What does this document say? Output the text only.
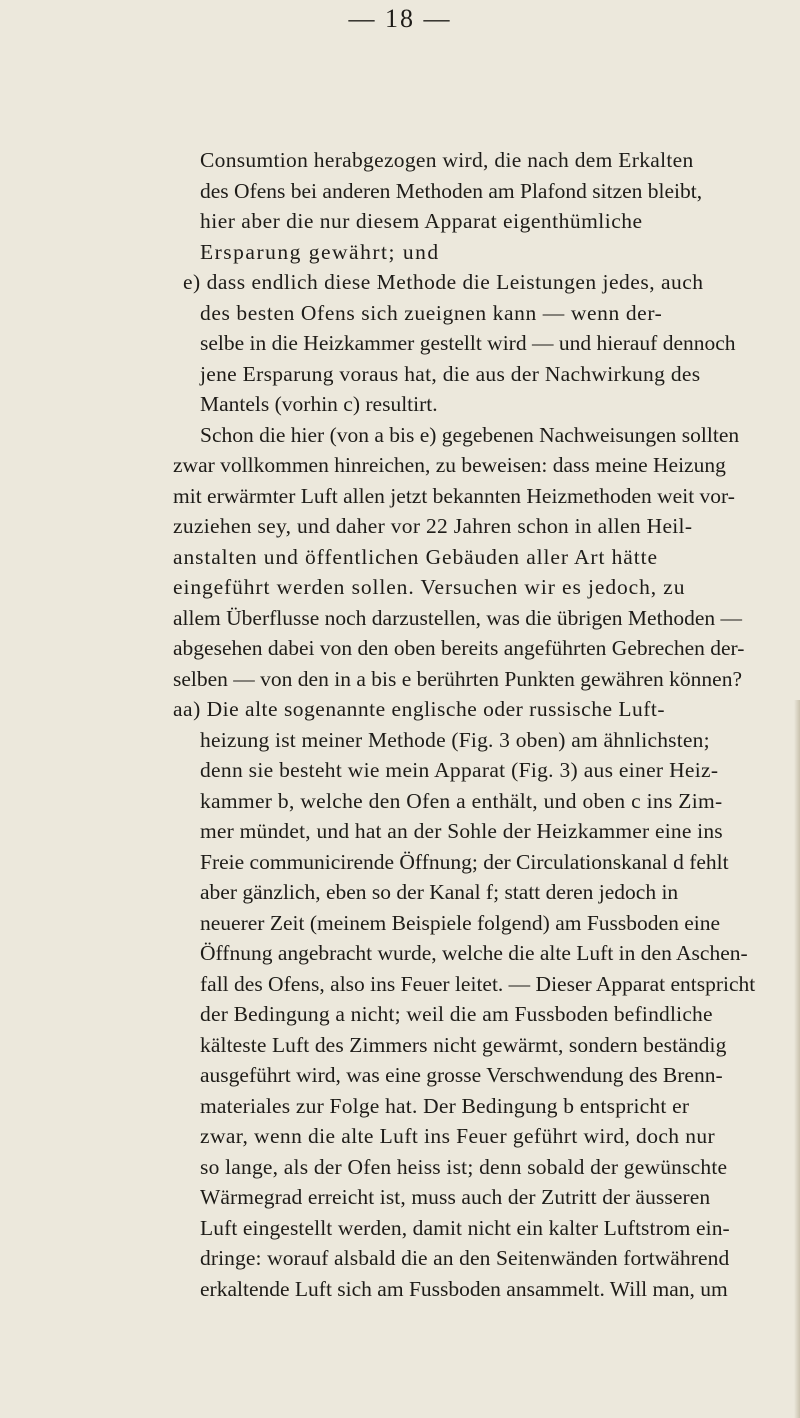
— 18 —
Consumtion herabgezogen wird, die nach dem Erkalten
des Ofens bei anderen Methoden am Plafond sitzen bleibt,
hier aber die nur diesem Apparat eigenthümliche
Ersparung gewährt; und
e) dass endlich diese Methode die Leistungen jedes, auch
des besten Ofens sich zueignen kann — wenn der-
selbe in die Heizkammer gestellt wird — und hierauf dennoch
jene Ersparung voraus hat, die aus der Nachwirkung des
Mantels (vorhin c) resultirt.
Schon die hier (von a bis e) gegebenen Nachweisungen sollten
zwar vollkommen hinreichen, zu beweisen: dass meine Heizung
mit erwärmter Luft allen jetzt bekannten Heizmethoden weit vor-
zuziehen sey, und daher vor 22 Jahren schon in allen Heil-
anstalten und öffentlichen Gebäuden aller Art hätte
eingeführt werden sollen. Versuchen wir es jedoch, zu
allem Überflusse noch darzustellen, was die übrigen Methoden —
abgesehen dabei von den oben bereits angeführten Gebrechen der-
selben — von den in a bis e berührten Punkten gewähren können?
aa) Die alte sogenannte englische oder russische Luft-
heizung ist meiner Methode (Fig. 3 oben) am ähnlichsten;
denn sie besteht wie mein Apparat (Fig. 3) aus einer Heiz-
kammer b, welche den Ofen a enthält, und oben c ins Zim-
mer mündet, und hat an der Sohle der Heizkammer eine ins
Freie communicirende Öffnung; der Circulationskanal d fehlt
aber gänzlich, eben so der Kanal f; statt deren jedoch in
neuerer Zeit (meinem Beispiele folgend) am Fussboden eine
Öffnung angebracht wurde, welche die alte Luft in den Aschen-
fall des Ofens, also ins Feuer leitet. — Dieser Apparat entspricht
der Bedingung a nicht; weil die am Fussboden befindliche
kälteste Luft des Zimmers nicht gewärmt, sondern beständig
ausgeführt wird, was eine grosse Verschwendung des Brenn-
materiales zur Folge hat. Der Bedingung b entspricht er
zwar, wenn die alte Luft ins Feuer geführt wird, doch nur
so lange, als der Ofen heiss ist; denn sobald der gewünschte
Wärmegrad erreicht ist, muss auch der Zutritt der äusseren
Luft eingestellt werden, damit nicht ein kalter Luftstrom ein-
dringe: worauf alsbald die an den Seitenwänden fortwährend
erkaltende Luft sich am Fussboden ansammelt. Will man, um
